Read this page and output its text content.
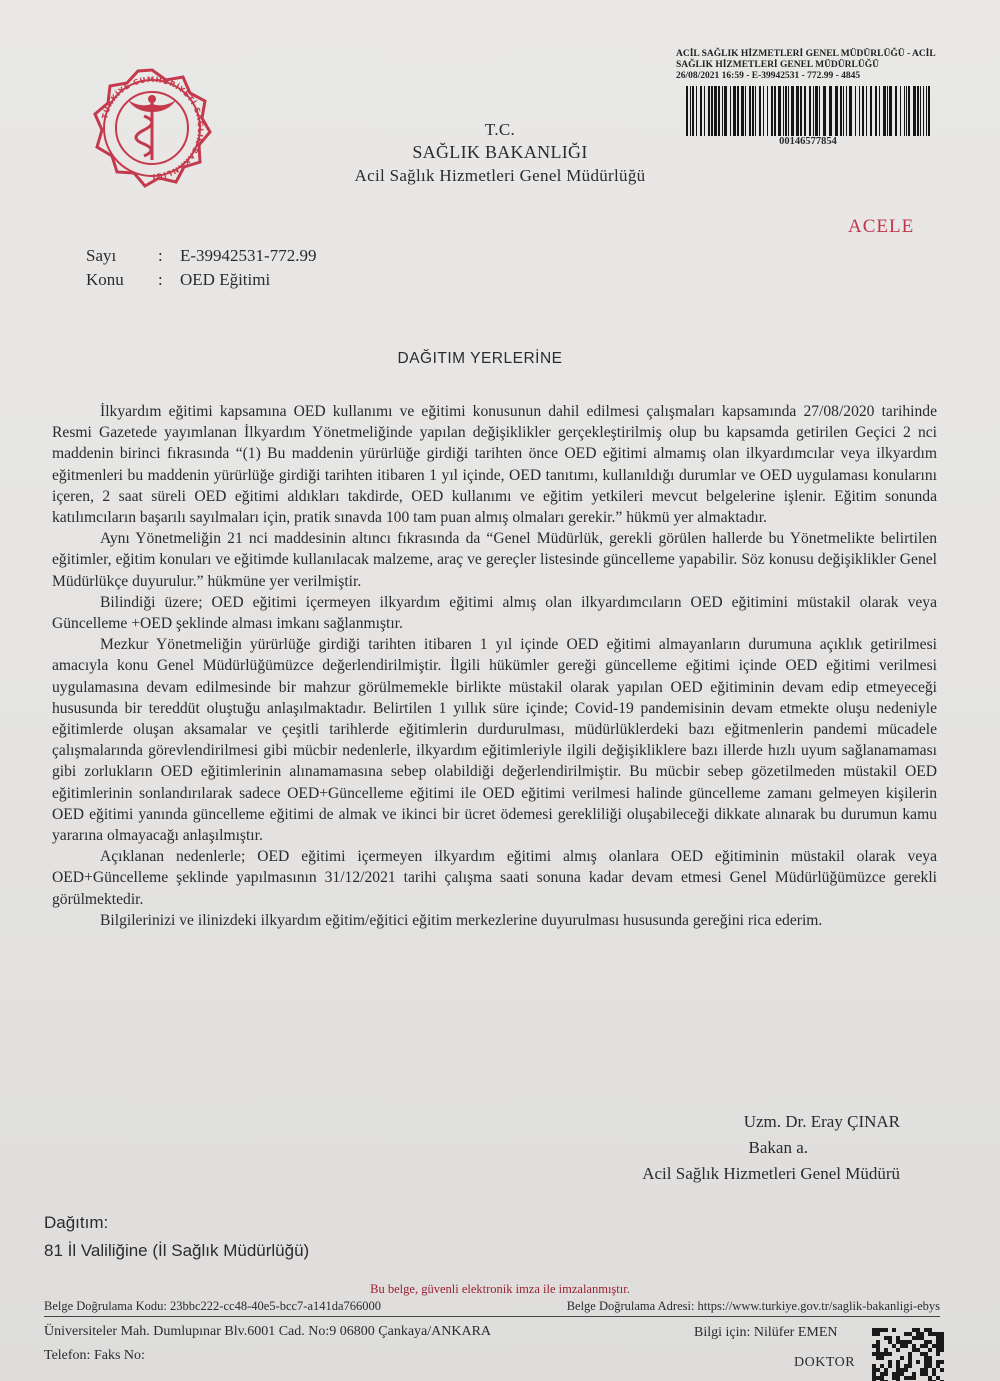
TÜRKİYE CUMHURİYETİ SAĞLIK BAKANLIĞI
T.C.
SAĞLIK BAKANLIĞI
Acil Sağlık Hizmetleri Genel Müdürlüğü
ACİL SAĞLIK HİZMETLERİ GENEL MÜDÜRLÜĞÜ - ACİL
SAĞLIK HİZMETLERİ GENEL MÜDÜRLÜĞÜ
26/08/2021 16:59 - E-39942531 - 772.99 - 4845
00146577854
ACELE
Sayı	:	E-39942531-772.99
Konu	:	OED Eğitimi
DAĞITIM YERLERİNE

İlkyardım eğitimi kapsamına OED kullanımı ve eğitimi konusunun dahil edilmesi çalışmaları kapsamında 27/08/2020 tarihinde Resmi Gazetede yayımlanan İlkyardım Yönetmeliğinde yapılan değişiklikler gerçekleştirilmiş olup bu kapsamda getirilen Geçici 2 nci maddenin birinci fıkrasında “(1) Bu maddenin yürürlüğe girdiği tarihten önce OED eğitimi almamış olan ilkyardımcılar veya ilkyardım eğitmenleri bu maddenin yürürlüğe girdiği tarihten itibaren 1 yıl içinde, OED tanıtımı, kullanıldığı durumlar ve OED uygulaması konularını içeren, 2 saat süreli OED eğitimi aldıkları takdirde, OED kullanımı ve eğitim yetkileri mevcut belgelerine işlenir. Eğitim sonunda katılımcıların başarılı sayılmaları için, pratik sınavda 100 tam puan almış olmaları gerekir.” hükmü yer almaktadır.

Aynı Yönetmeliğin 21 nci maddesinin altıncı fıkrasında da “Genel Müdürlük, gerekli görülen hallerde bu Yönetmelikte belirtilen eğitimler, eğitim konuları ve eğitimde kullanılacak malzeme, araç ve gereçler listesinde güncelleme yapabilir. Söz konusu değişiklikler Genel Müdürlükçe duyurulur.” hükmüne yer verilmiştir.

Bilindiği üzere; OED eğitimi içermeyen ilkyardım eğitimi almış olan ilkyardımcıların OED eğitimini müstakil olarak veya Güncelleme +OED şeklinde alması imkanı sağlanmıştır.

Mezkur Yönetmeliğin yürürlüğe girdiği tarihten itibaren 1 yıl içinde OED eğitimi almayanların durumuna açıklık getirilmesi amacıyla konu Genel Müdürlüğümüzce değerlendirilmiştir. İlgili hükümler gereği güncelleme eğitimi içinde OED eğitimi verilmesi uygulamasına devam edilmesinde bir mahzur görülmemekle birlikte müstakil olarak yapılan OED eğitiminin devam edip etmeyeceği hususunda bir tereddüt oluştuğu anlaşılmaktadır. Belirtilen 1 yıllık süre içinde; Covid-19 pandemisinin devam etmekte oluşu nedeniyle eğitimlerde oluşan aksamalar ve çeşitli tarihlerde eğitimlerin durdurulması, müdürlüklerdeki bazı eğitmenlerin pandemi mücadele çalışmalarında görevlendirilmesi gibi mücbir nedenlerle, ilkyardım eğitimleriyle ilgili değişikliklere bazı illerde hızlı uyum sağlanamaması gibi zorlukların OED eğitimlerinin alınamamasına sebep olabildiği değerlendirilmiştir. Bu mücbir sebep gözetilmeden müstakil OED eğitimlerinin sonlandırılarak sadece OED+Güncelleme eğitimi ile OED eğitimi verilmesi halinde güncelleme zamanı gelmeyen kişilerin OED eğitimi yanında güncelleme eğitimi de almak ve ikinci bir ücret ödemesi gerekliliği oluşabileceği dikkate alınarak bu durumun kamu yararına olmayacağı anlaşılmıştır.

Açıklanan nedenlerle; OED eğitimi içermeyen ilkyardım eğitimi almış olanlara OED eğitiminin müstakil olarak veya OED+Güncelleme şeklinde yapılmasının 31/12/2021 tarihi çalışma saati sonuna kadar devam etmesi Genel Müdürlüğümüzce gerekli görülmektedir.

Bilgilerinizi ve ilinizdeki ilkyardım eğitim/eğitici eğitim merkezlerine duyurulması hususunda gereğini rica ederim.

Uzm. Dr. Eray ÇINAR
Bakan a.
Acil Sağlık Hizmetleri Genel Müdürü
Dağıtım:
81 İl Valiliğine (İl Sağlık Müdürlüğü)
Bu belge, güvenli elektronik imza ile imzalanmıştır.
Belge Doğrulama Kodu: 23bbc222-cc48-40e5-bcc7-a141da766000	Belge Doğrulama Adresi: https://www.turkiye.gov.tr/saglik-bakanligi-ebys
Üniversiteler Mah. Dumlupınar Blv.6001 Cad. No:9 06800 Çankaya/ANKARA	Bilgi için: Nilüfer EMEN
Telefon: Faks No:	DOKTOR
